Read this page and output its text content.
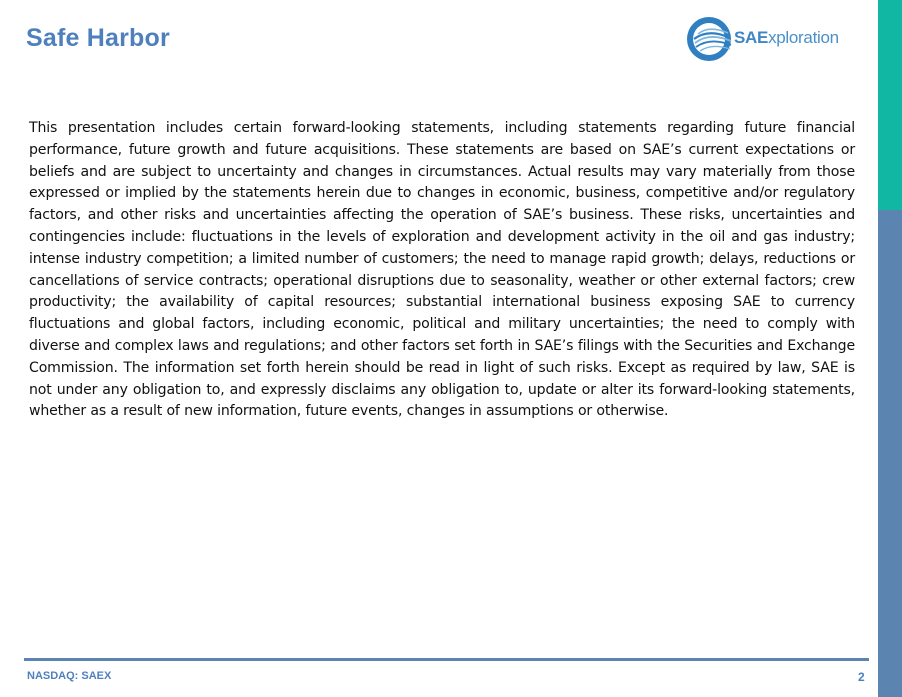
Safe Harbor	SAExploration

This presentation includes certain forward-looking statements, including statements regarding future financial performance, future growth and future acquisitions. These statements are based on SAE’s current expectations or beliefs and are subject to uncertainty and changes in circumstances. Actual results may vary materially from those expressed or implied by the statements herein due to changes in economic, business, competitive and/or regulatory factors, and other risks and uncertainties affecting the operation of SAE’s business. These risks, uncertainties and contingencies include: fluctuations in the levels of exploration and development activity in the oil and gas industry; intense industry competition; a limited number of customers; the need to manage rapid growth; delays, reductions or cancellations of service contracts; operational disruptions due to seasonality, weather or other external factors; crew productivity; the availability of capital resources; substantial international business exposing SAE to currency fluctuations and global factors, including economic, political and military uncertainties; the need to comply with diverse and complex laws and regulations; and other factors set forth in SAE’s filings with the Securities and Exchange Commission. The information set forth herein should be read in light of such risks. Except as required by law, SAE is not under any obligation to, and expressly disclaims any obligation to, update or alter its forward-looking statements, whether as a result of new information, future events, changes in assumptions or otherwise.

NASDAQ: SAEX	2
